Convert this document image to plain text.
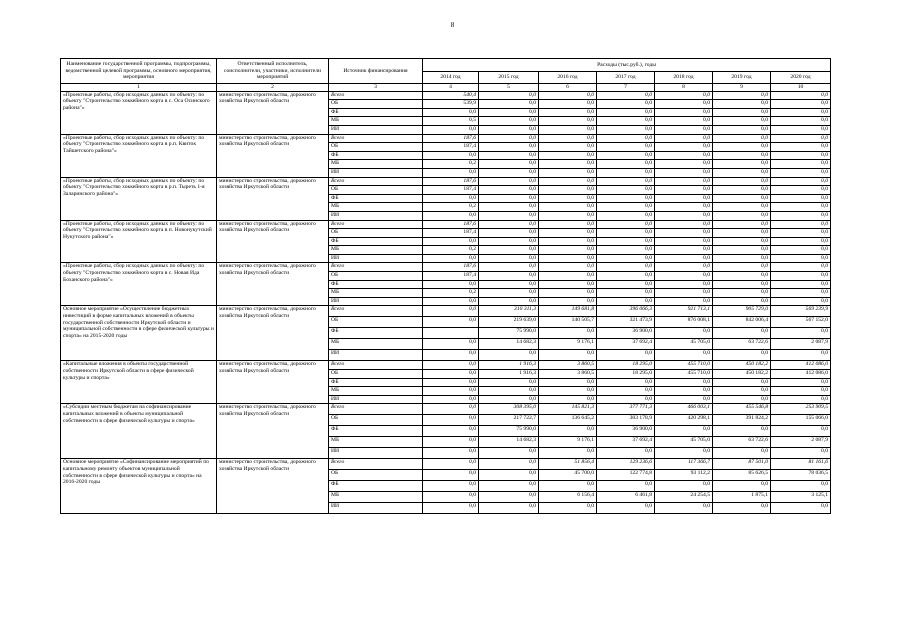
8
Наименование государственной программы, подпрограммы, ведомственной целевой программы, основного мероприятия, мероприятия	Ответственный исполнитель, соисполнители, участники, исполнители мероприятий	Источник финансирования	Расходы (тыс.руб.), годы						
			2014 год	2015 год	2016 год	2017 год	2018 год	2019 год	2020 год
1	2	3	4	5	6	7	8	9	10
«Проектные работы, сбор исходных данных по объекту: по объекту "Строительство хоккейного корта в с. Оса Осинского района"»	министерство строительства, дорожного хозяйства Иркутской области	Всего	540,4	0,0	0,0	0,0	0,0	0,0	0,0
		ОБ	539,9	0,0	0,0	0,0	0,0	0,0	0,0
		ФБ	0,0	0,0	0,0	0,0	0,0	0,0	0,0
		МБ	0,5	0,0	0,0	0,0	0,0	0,0	0,0
		ИИ	0,0	0,0	0,0	0,0	0,0	0,0	0,0
«Проектные работы, сбор исходных данных по объекту: по объекту "Строительство хоккейного корта в р.п. Квиток Тайшетского района"»	министерство строительства, дорожного хозяйства Иркутской области	Всего	187,6	0,0	0,0	0,0	0,0	0,0	0,0
		ОБ	187,4	0,0	0,0	0,0	0,0	0,0	0,0
		ФБ	0,0	0,0	0,0	0,0	0,0	0,0	0,0
		МБ	0,2	0,0	0,0	0,0	0,0	0,0	0,0
		ИИ	0,0	0,0	0,0	0,0	0,0	0,0	0,0
«Проектные работы, сбор исходных данных по объекту: по объекту "Строительство хоккейного корта в р.п. Тыреть 1-я Заларинского района"»	министерство строительства, дорожного хозяйства Иркутской области	Всего	187,6	0,0	0,0	0,0	0,0	0,0	0,0
		ОБ	187,4	0,0	0,0	0,0	0,0	0,0	0,0
		ФБ	0,0	0,0	0,0	0,0	0,0	0,0	0,0
		МБ	0,2	0,0	0,0	0,0	0,0	0,0	0,0
		ИИ	0,0	0,0	0,0	0,0	0,0	0,0	0,0
«Проектные работы, сбор исходных данных по объекту: по объекту "Строительство хоккейного корта в п. Новонукутский Нукутского района"»	министерство строительства, дорожного хозяйства Иркутской области	Всего	187,6	0,0	0,0	0,0	0,0	0,0	0,0
		ОБ	187,4	0,0	0,0	0,0	0,0	0,0	0,0
		ФБ	0,0	0,0	0,0	0,0	0,0	0,0	0,0
		МБ	0,2	0,0	0,0	0,0	0,0	0,0	0,0
		ИИ	0,0	0,0	0,0	0,0	0,0	0,0	0,0
«Проектные работы, сбор исходных данных по объекту: по объекту "Строительство хоккейного корта в с. Новая Ида Боханского района"»	министерство строительства, дорожного хозяйства Иркутской области	Всего	187,6	0,0	0,0	0,0	0,0	0,0	0,0
		ОБ	187,4	0,0	0,0	0,0	0,0	0,0	0,0
		ФБ	0,0	0,0	0,0	0,0	0,0	0,0	0,0
		МБ	0,2	0,0	0,0	0,0	0,0	0,0	0,0
		ИИ	0,0	0,0	0,0	0,0	0,0	0,0	0,0
Основное мероприятие «Осуществление бюджетных инвестиций в форме капитальных вложений в объекты государственной собственности Иркутской области и муниципальной собственности в сфере физической культуры и спорта» на 2015-2020 годы	министерство строительства, дорожного хозяйства Иркутской области	Всего	0,0	310 311,3	149 681,8	396 066,3	921 713,1	905 729,0	569 239,9
		ОБ	0,0	219 639,0	140 505,7	321 473,9	876 008,1	842 006,4	567 152,0
		ФБ		75 990,0	0,0	36 900,0	0,0	0,0	0,0
		МБ	0,0	14 682,3	9 176,1	37 692,4	45 705,0	63 722,6	2 087,9
		ИИ	0,0	0,0	0,0	0,0	0,0	0,0	0,0
«Капитальные вложения в объекты государственной собственности Иркутской области в сфере физической культуры и спорта»	министерство строительства, дорожного хозяйства Иркутской области	Всего	0,0	1 916,3	3 860,5	18 295,0	455 710,0	450 182,2	412 086,0
		ОБ	0,0	1 916,3	3 860,5	18 295,0	455 710,0	450 182,2	412 086,0
		ФБ	0,0	0,0	0,0	0,0	0,0	0,0	0,0
		МБ	0,0	0,0	0,0	0,0	0,0	0,0	0,0
		ИИ	0,0	0,0	0,0	0,0	0,0	0,0	0,0
«Субсидии местным бюджетам на софинансирование капитальных вложений в объекты муниципальной собственности в сфере физической культуры и спорта»	министерство строительства, дорожного хозяйства Иркутской области	Всего	0,0	308 395,0	145 821,3	377 771,3	466 003,1	455 546,8	253 909,5
		ОБ	0,0	217 722,7	136 645,2	303 178,9	420 298,1	391 824,2	155 066,0
		ФБ	0,0	75 990,0	0,0	36 900,0	0,0	0,0	0,0
		МБ	0,0	14 682,3	9 176,1	37 692,4	45 705,0	63 722,6	2 087,9
		ИИ	0,0	0,0	0,0	0,0	0,0	0,0	0,0
Основное мероприятие «Софинансирование мероприятий по капитальному ремонту объектов муниципальной собственности в сфере физической культуры и спорта» на 2016-2020 годы	министерство строительства, дорожного хозяйства Иркутской области	Всего	0,0	0,0	51 856,4	129 236,6	117 366,7	87 501,0	81 161,6
		ОБ	0,0	0,0	45 700,0	122 774,8	93 112,2	85 626,5	78 036,5
		ФБ	0,0	0,0	0,0	0,0	0,0	0,0	0,0
		МБ	0,0	0,0	6 156,4	6 461,8	24 254,5	1 875,1	3 125,1
		ИИ	0,0	0,0	0,0	0,0	0,0	0,0	0,0
